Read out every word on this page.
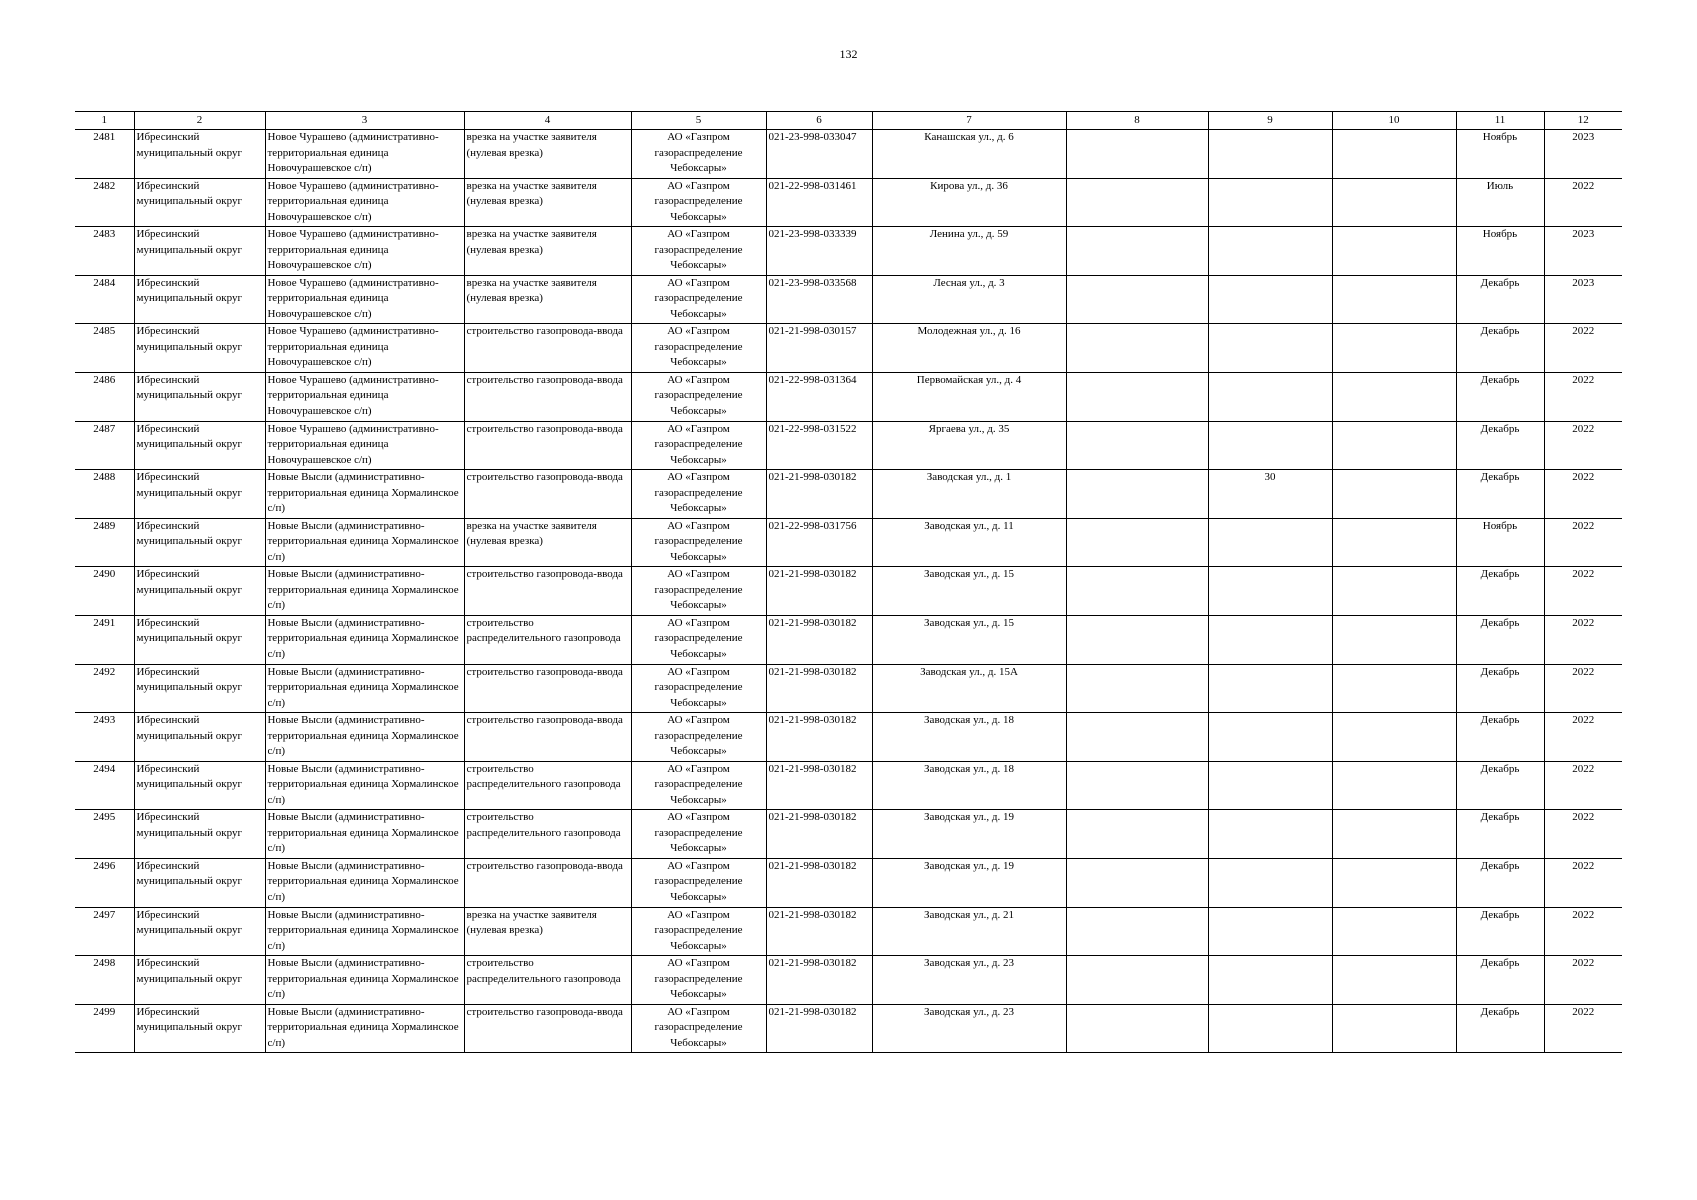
132
1	2	3	4	5	6	7	8	9	10	11	12
2481	Ибресинский муниципальный округ	Новое Чурашево (административно-территориальная единица Новочурашевское с/п)	врезка на участке заявителя (нулевая врезка)	АО «Газпром газораспределение Чебоксары»	021-23-998-033047	Канашская ул., д. 6				Ноябрь	2023
2482	Ибресинский муниципальный округ	Новое Чурашево (административно-территориальная единица Новочурашевское с/п)	врезка на участке заявителя (нулевая врезка)	АО «Газпром газораспределение Чебоксары»	021-22-998-031461	Кирова ул., д. 36				Июль	2022
2483	Ибресинский муниципальный округ	Новое Чурашево (административно-территориальная единица Новочурашевское с/п)	врезка на участке заявителя (нулевая врезка)	АО «Газпром газораспределение Чебоксары»	021-23-998-033339	Ленина ул., д. 59				Ноябрь	2023
2484	Ибресинский муниципальный округ	Новое Чурашево (административно-территориальная единица Новочурашевское с/п)	врезка на участке заявителя (нулевая врезка)	АО «Газпром газораспределение Чебоксары»	021-23-998-033568	Лесная ул., д. 3				Декабрь	2023
2485	Ибресинский муниципальный округ	Новое Чурашево (административно-территориальная единица Новочурашевское с/п)	строительство газопровода-ввода	АО «Газпром газораспределение Чебоксары»	021-21-998-030157	Молодежная ул., д. 16				Декабрь	2022
2486	Ибресинский муниципальный округ	Новое Чурашево (административно-территориальная единица Новочурашевское с/п)	строительство газопровода-ввода	АО «Газпром газораспределение Чебоксары»	021-22-998-031364	Первомайская ул., д. 4				Декабрь	2022
2487	Ибресинский муниципальный округ	Новое Чурашево (административно-территориальная единица Новочурашевское с/п)	строительство газопровода-ввода	АО «Газпром газораспределение Чебоксары»	021-22-998-031522	Яргаева ул., д. 35				Декабрь	2022
2488	Ибресинский муниципальный округ	Новые Высли (административно-территориальная единица Хормалинское с/п)	строительство газопровода-ввода	АО «Газпром газораспределение Чебоксары»	021-21-998-030182	Заводская ул., д. 1		30		Декабрь	2022
2489	Ибресинский муниципальный округ	Новые Высли (административно-территориальная единица Хормалинское с/п)	врезка на участке заявителя (нулевая врезка)	АО «Газпром газораспределение Чебоксары»	021-22-998-031756	Заводская ул., д. 11				Ноябрь	2022
2490	Ибресинский муниципальный округ	Новые Высли (административно-территориальная единица Хормалинское с/п)	строительство газопровода-ввода	АО «Газпром газораспределение Чебоксары»	021-21-998-030182	Заводская ул., д. 15				Декабрь	2022
2491	Ибресинский муниципальный округ	Новые Высли (административно-территориальная единица Хормалинское с/п)	строительство распределительного газопровода	АО «Газпром газораспределение Чебоксары»	021-21-998-030182	Заводская ул., д. 15				Декабрь	2022
2492	Ибресинский муниципальный округ	Новые Высли (административно-территориальная единица Хормалинское с/п)	строительство газопровода-ввода	АО «Газпром газораспределение Чебоксары»	021-21-998-030182	Заводская ул., д. 15А				Декабрь	2022
2493	Ибресинский муниципальный округ	Новые Высли (административно-территориальная единица Хормалинское с/п)	строительство газопровода-ввода	АО «Газпром газораспределение Чебоксары»	021-21-998-030182	Заводская ул., д. 18				Декабрь	2022
2494	Ибресинский муниципальный округ	Новые Высли (административно-территориальная единица Хормалинское с/п)	строительство распределительного газопровода	АО «Газпром газораспределение Чебоксары»	021-21-998-030182	Заводская ул., д. 18				Декабрь	2022
2495	Ибресинский муниципальный округ	Новые Высли (административно-территориальная единица Хормалинское с/п)	строительство распределительного газопровода	АО «Газпром газораспределение Чебоксары»	021-21-998-030182	Заводская ул., д. 19				Декабрь	2022
2496	Ибресинский муниципальный округ	Новые Высли (административно-территориальная единица Хормалинское с/п)	строительство газопровода-ввода	АО «Газпром газораспределение Чебоксары»	021-21-998-030182	Заводская ул., д. 19				Декабрь	2022
2497	Ибресинский муниципальный округ	Новые Высли (административно-территориальная единица Хормалинское с/п)	врезка на участке заявителя (нулевая врезка)	АО «Газпром газораспределение Чебоксары»	021-21-998-030182	Заводская ул., д. 21				Декабрь	2022
2498	Ибресинский муниципальный округ	Новые Высли (административно-территориальная единица Хормалинское с/п)	строительство распределительного газопровода	АО «Газпром газораспределение Чебоксары»	021-21-998-030182	Заводская ул., д. 23				Декабрь	2022
2499	Ибресинский муниципальный округ	Новые Высли (административно-территориальная единица Хормалинское с/п)	строительство газопровода-ввода	АО «Газпром газораспределение Чебоксары»	021-21-998-030182	Заводская ул., д. 23				Декабрь	2022
